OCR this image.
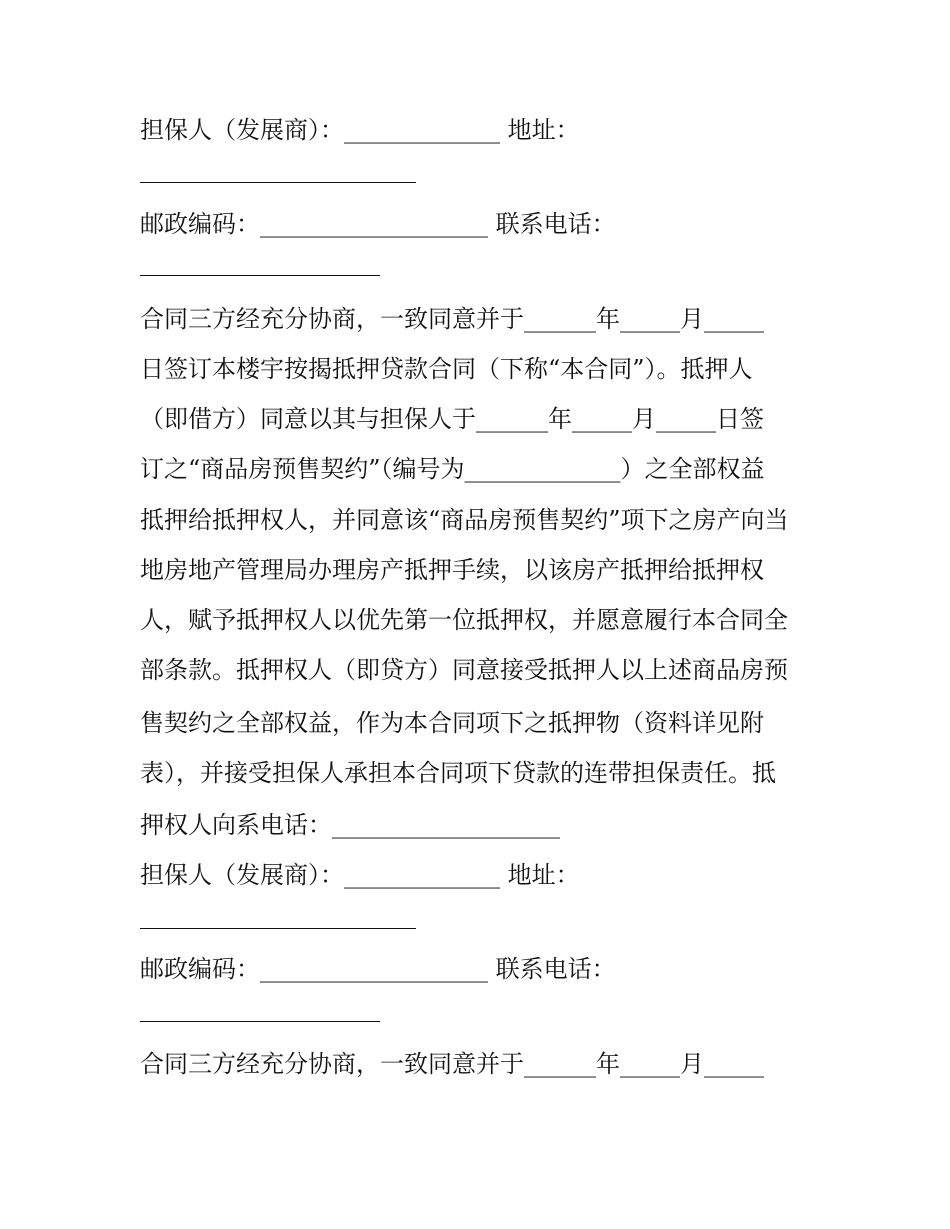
担保人（发展商）：_____________ 地址：
邮政编码：___________________ 联系电话：
合同三方经充分协商，一致同意并于______年_____月_____
日签订本楼宇按揭抵押贷款合同（下称“本合同”）。抵押人
（即借方）同意以其与担保人于______年_____月_____日签
订之“商品房预售契约”（编号为_____________）之全部权益
抵押给抵押权人，并同意该“商品房预售契约”项下之房产向当
地房地产管理局办理房产抵押手续，以该房产抵押给抵押权
人，赋予抵押权人以优先第一位抵押权，并愿意履行本合同全
部条款。抵押权人（即贷方）同意接受抵押人以上述商品房预
售契约之全部权益，作为本合同项下之抵押物（资料详见附
表），并接受担保人承担本合同项下贷款的连带担保责任。抵
押权人向系电话：___________________
担保人（发展商）：_____________ 地址：
邮政编码：___________________ 联系电话：
合同三方经充分协商，一致同意并于______年_____月_____
